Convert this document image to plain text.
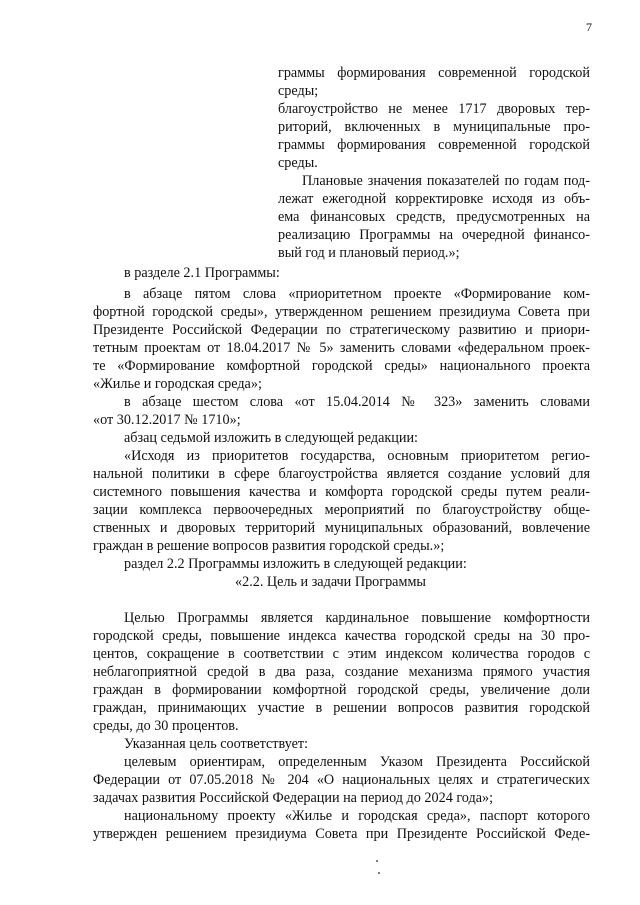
7

граммы формирования современной городской

среды;

благоустройство не менее 1717 дворовых тер-

риторий, включенных в муниципальные про-

граммы формирования современной городской

среды.

Плановые значения показателей по годам под-

лежат ежегодной корректировке исходя из объ-

ема финансовых средств, предусмотренных на

реализацию Программы на очередной финансо-

вый год и плановый период.»;

в разделе 2.1 Программы:

в абзаце пятом слова «приоритетном проекте «Формирование ком-

фортной городской среды», утвержденном решением президиума Совета при

Президенте Российской Федерации по стратегическому развитию и приори-

тетным проектам от 18.04.2017 № 5» заменить словами «федеральном проек-

те «Формирование комфортной городской среды» национального проекта

«Жилье и городская среда»;

в абзаце шестом слова «от 15.04.2014 № 323» заменить словами

«от 30.12.2017 № 1710»;

абзац седьмой изложить в следующей редакции:

«Исходя из приоритетов государства, основным приоритетом регио-

нальной политики в сфере благоустройства является создание условий для

системного повышения качества и комфорта городской среды путем реали-

зации комплекса первоочередных мероприятий по благоустройству обще-

ственных и дворовых территорий муниципальных образований, вовлечение

граждан в решение вопросов развития городской среды.»;

раздел 2.2 Программы изложить в следующей редакции:

«2.2. Цель и задачи Программы

Целью Программы является кардинальное повышение комфортности

городской среды, повышение индекса качества городской среды на 30 про-

центов, сокращение в соответствии с этим индексом количества городов с

неблагоприятной средой в два раза, создание механизма прямого участия

граждан в формировании комфортной городской среды, увеличение доли

граждан, принимающих участие в решении вопросов развития городской

среды, до 30 процентов.

Указанная цель соответствует:

целевым ориентирам, определенным Указом Президента Российской

Федерации от 07.05.2018 № 204 «О национальных целях и стратегических

задачах развития Российской Федерации на период до 2024 года»;

национальному проекту «Жилье и городская среда», паспорт которого

утвержден решением президиума Совета при Президенте Российской Феде-
